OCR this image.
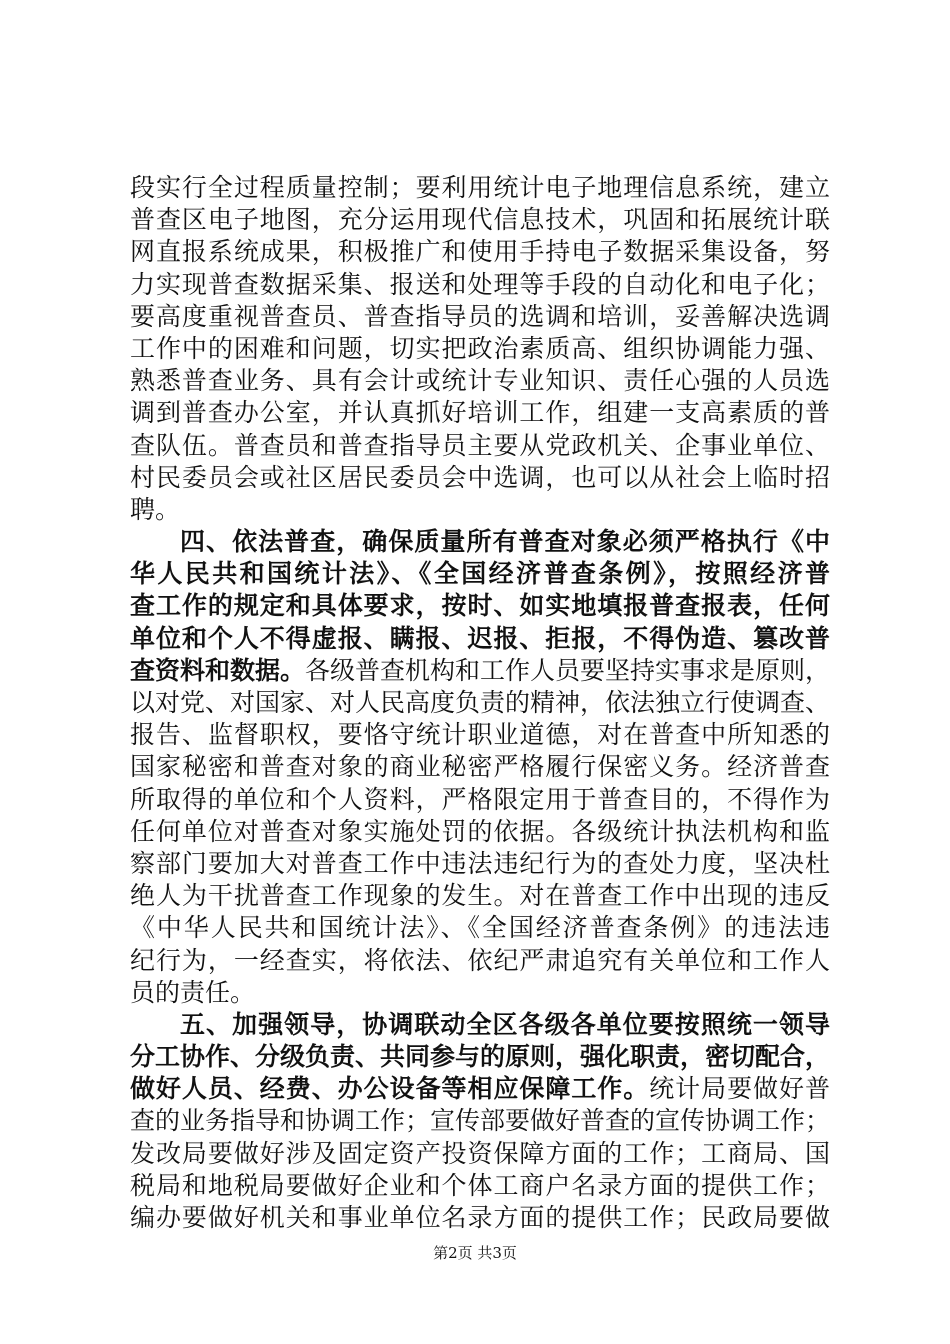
段实行全过程质量控制；要利用统计电子地理信息系统，建立
普查区电子地图，充分运用现代信息技术，巩固和拓展统计联
网直报系统成果，积极推广和使用手持电子数据采集设备，努
力实现普查数据采集、报送和处理等手段的自动化和电子化；
要高度重视普查员、普查指导员的选调和培训，妥善解决选调
工作中的困难和问题，切实把政治素质高、组织协调能力强、
熟悉普查业务、具有会计或统计专业知识、责任心强的人员选
调到普查办公室，并认真抓好培训工作，组建一支高素质的普
查队伍。普查员和普查指导员主要从党政机关、企事业单位、
村民委员会或社区居民委员会中选调，也可以从社会上临时招
聘。
四、依法普查，确保质量所有普查对象必须严格执行《中
华人民共和国统计法》、《全国经济普查条例》，按照经济普
查工作的规定和具体要求，按时、如实地填报普查报表，任何
单位和个人不得虚报、瞒报、迟报、拒报，不得伪造、篡改普
查资料和数据。各级普查机构和工作人员要坚持实事求是原则，
以对党、对国家、对人民高度负责的精神，依法独立行使调查、
报告、监督职权，要恪守统计职业道德，对在普查中所知悉的
国家秘密和普查对象的商业秘密严格履行保密义务。经济普查
所取得的单位和个人资料，严格限定用于普查目的，不得作为
任何单位对普查对象实施处罚的依据。各级统计执法机构和监
察部门要加大对普查工作中违法违纪行为的查处力度，坚决杜
绝人为干扰普查工作现象的发生。对在普查工作中出现的违反
《中华人民共和国统计法》、《全国经济普查条例》的违法违
纪行为，一经查实，将依法、依纪严肃追究有关单位和工作人
员的责任。
五、加强领导，协调联动全区各级各单位要按照统一领导
分工协作、分级负责、共同参与的原则，强化职责，密切配合，
做好人员、经费、办公设备等相应保障工作。统计局要做好普
查的业务指导和协调工作；宣传部要做好普查的宣传协调工作；
发改局要做好涉及固定资产投资保障方面的工作；工商局、国
税局和地税局要做好企业和个体工商户名录方面的提供工作；
编办要做好机关和事业单位名录方面的提供工作；民政局要做
第2页 共3页
